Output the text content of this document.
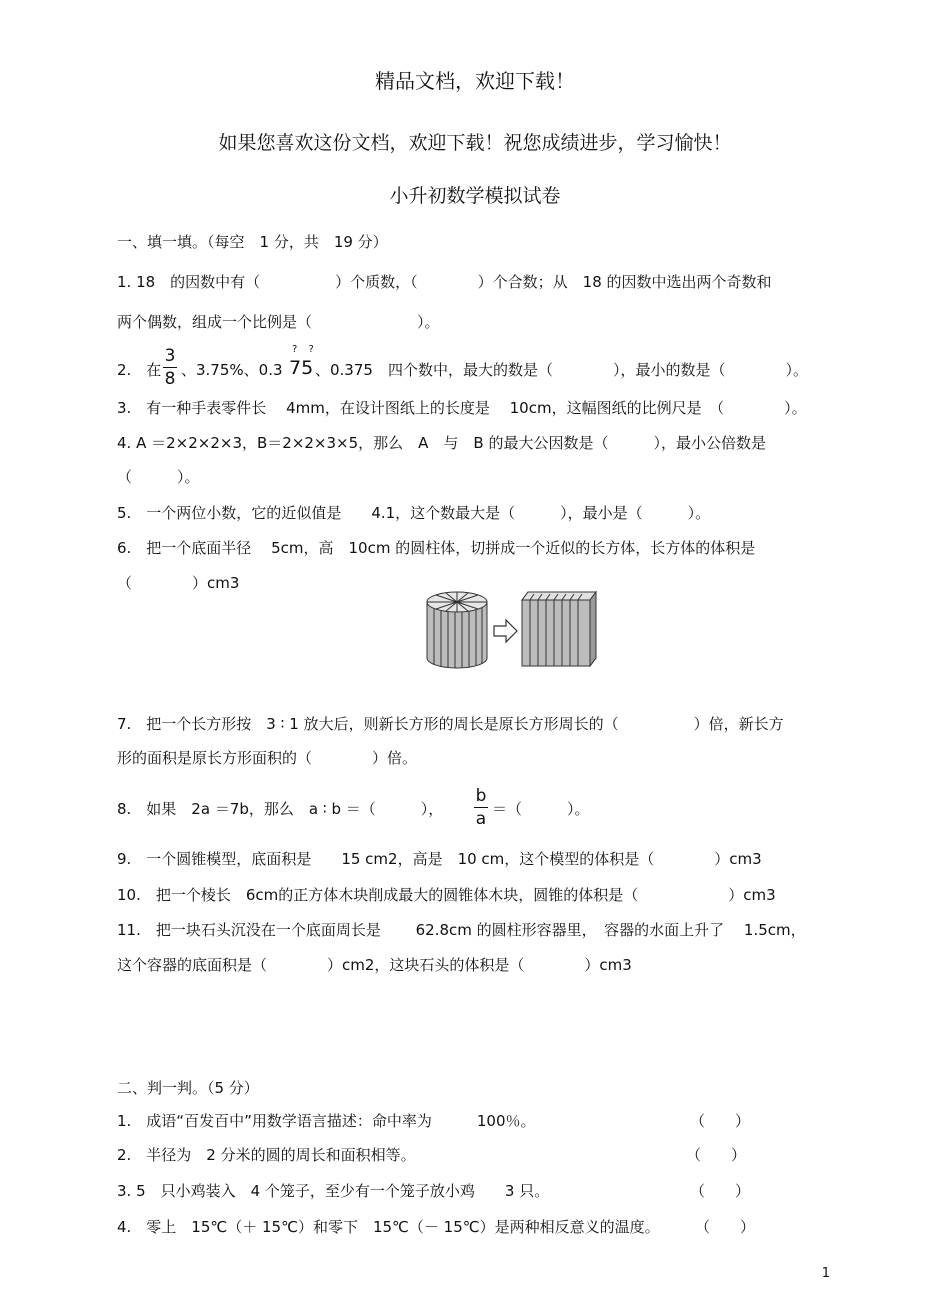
精品文档，欢迎下载！
如果您喜欢这份文档，欢迎下载！祝您成绩进步，学习愉快！
小升初数学模拟试卷
一、填一填。（每空　1 分，共　19 分）
1. 18　的因数中有（　　　　　）个质数，（　　　　）个合数；从　18 的因数中选出两个奇数和
两个偶数，组成一个比例是（　　　　　　　）。
2.　在
3
8 、3.75%、0.3
? ?
75 、0.375　四个数中，最大的数是（　　　　），最小的数是（　　　　）。
3.　有一种手表零件长　 4mm，在设计图纸上的长度是　 10cm，这幅图纸的比例尺是　（　　　　）。
4. A ＝2×2×2×3，B＝2×2×3×5，那么　A　与　B 的最大公因数是（　　　），最小公倍数是
（　　　）。
5.　一个两位小数，它的近似值是　　4.1，这个数最大是（　　　），最小是（　　　）。
6.　把一个底面半径　 5cm，高　10cm 的圆柱体，切拼成一个近似的长方体，长方体的体积是
（　　　　）cm3
7.　把一个长方形按　3 ∶ 1 放大后，则新长方形的周长是原长方形周长的（　　　　　）倍，新长方
形的面积是原长方形面积的（　　　　）倍。
8.　如果　2a ＝7b，那么　a ∶ b ＝（　　　），
b
a ＝（　　　）。
9.　一个圆锥模型，底面积是　　15 cm2，高是　10 cm，这个模型的体积是（　　　　）cm3
10.　把一个棱长　6cm的正方体木块削成最大的圆锥体木块，圆锥的体积是（　　　　　　）cm3
11.　把一块石头沉没在一个底面周长是　　 62.8cm 的圆柱形容器里，　容器的水面上升了　 1.5cm，
这个容器的底面积是（　　　　）cm2，这块石头的体积是（　　　　）cm3
二、判一判。（5 分）
1.　成语“百发百中”用数学语言描述：命中率为　　　100％。	（　　）
2.　半径为　2 分米的圆的周长和面积相等。	（　　）
3. 5　只小鸡装入　4 个笼子，至少有一个笼子放小鸡　　3 只。	（　　）
4.　零上　15℃（＋ 15℃）和零下　15℃（－ 15℃）是两种相反意义的温度。 （　　）
1
